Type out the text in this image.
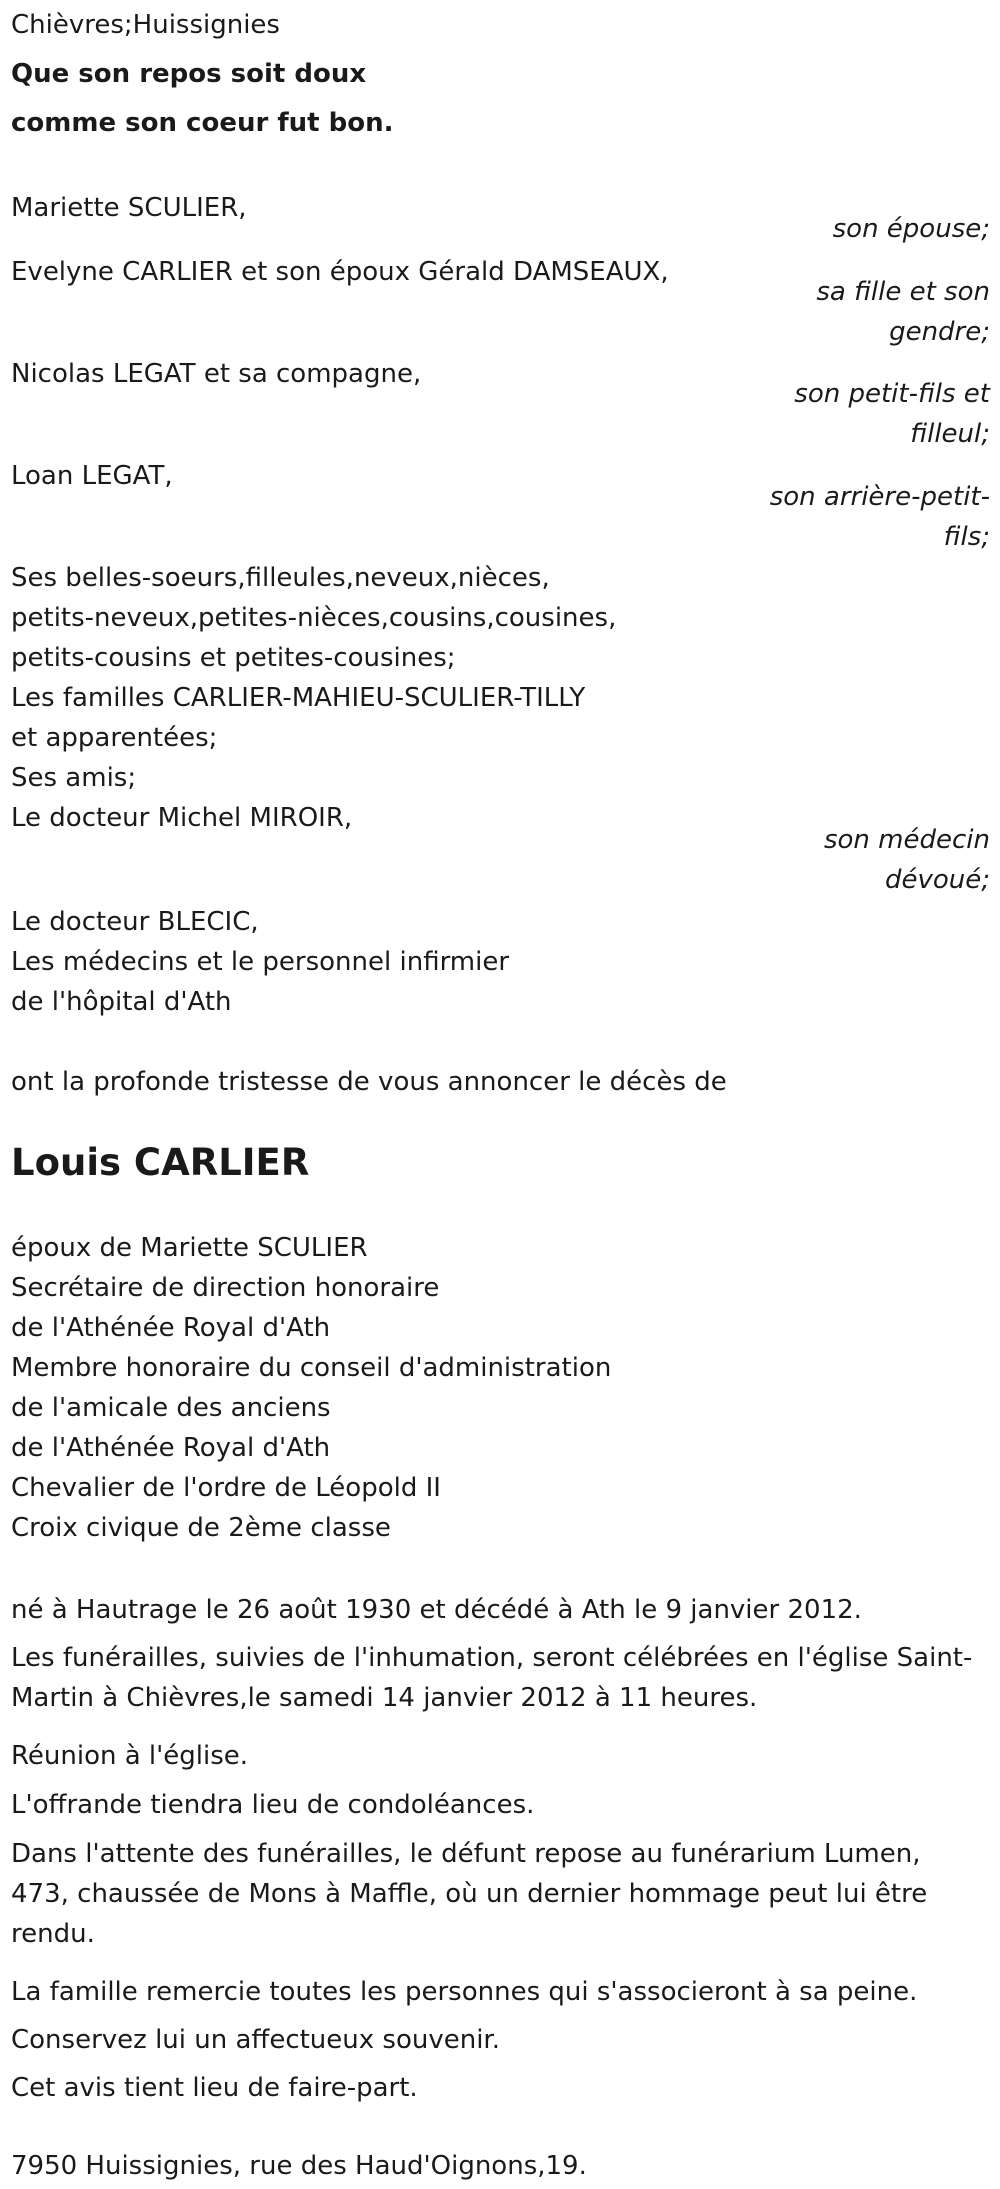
Chièvres;Huissignies
Que son repos soit doux
comme son coeur fut bon.
Mariette SCULIER,
son épouse;
Evelyne CARLIER et son époux Gérald DAMSEAUX,
sa fille et son gendre;
Nicolas LEGAT et sa compagne,
son petit-fils et filleul;
Loan LEGAT,
son arrière-petit-fils;
Ses belles-soeurs,filleules,neveux,nièces,
petits-neveux,petites-nièces,cousins,cousines,
petits-cousins et petites-cousines;
Les familles CARLIER-MAHIEU-SCULIER-TILLY
et apparentées;
Ses amis;
Le docteur Michel MIROIR,
son médecin dévoué;
Le docteur BLECIC,
Les médecins et le personnel infirmier
de l'hôpital d'Ath
ont la profonde tristesse de vous annoncer le décès de
Louis CARLIER
époux de Mariette SCULIER
Secrétaire de direction honoraire
de l'Athénée Royal d'Ath
Membre honoraire du conseil d'administration
de l'amicale des anciens
de l'Athénée Royal d'Ath
Chevalier de l'ordre de Léopold II
Croix civique de 2ème classe
né à Hautrage le 26 août 1930 et décédé à Ath le 9 janvier 2012.
Les funérailles, suivies de l'inhumation, seront célébrées en l'église Saint-Martin à Chièvres,le samedi 14 janvier 2012 à 11 heures.
Réunion à l'église.
L'offrande tiendra lieu de condoléances.
Dans l'attente des funérailles, le défunt repose au funérarium Lumen, 473, chaussée de Mons à Maffle, où un dernier hommage peut lui être rendu.
La famille remercie toutes les personnes qui s'associeront à sa peine.
Conservez lui un affectueux souvenir.
Cet avis tient lieu de faire-part.
7950 Huissignies, rue des Haud'Oignons,19.
